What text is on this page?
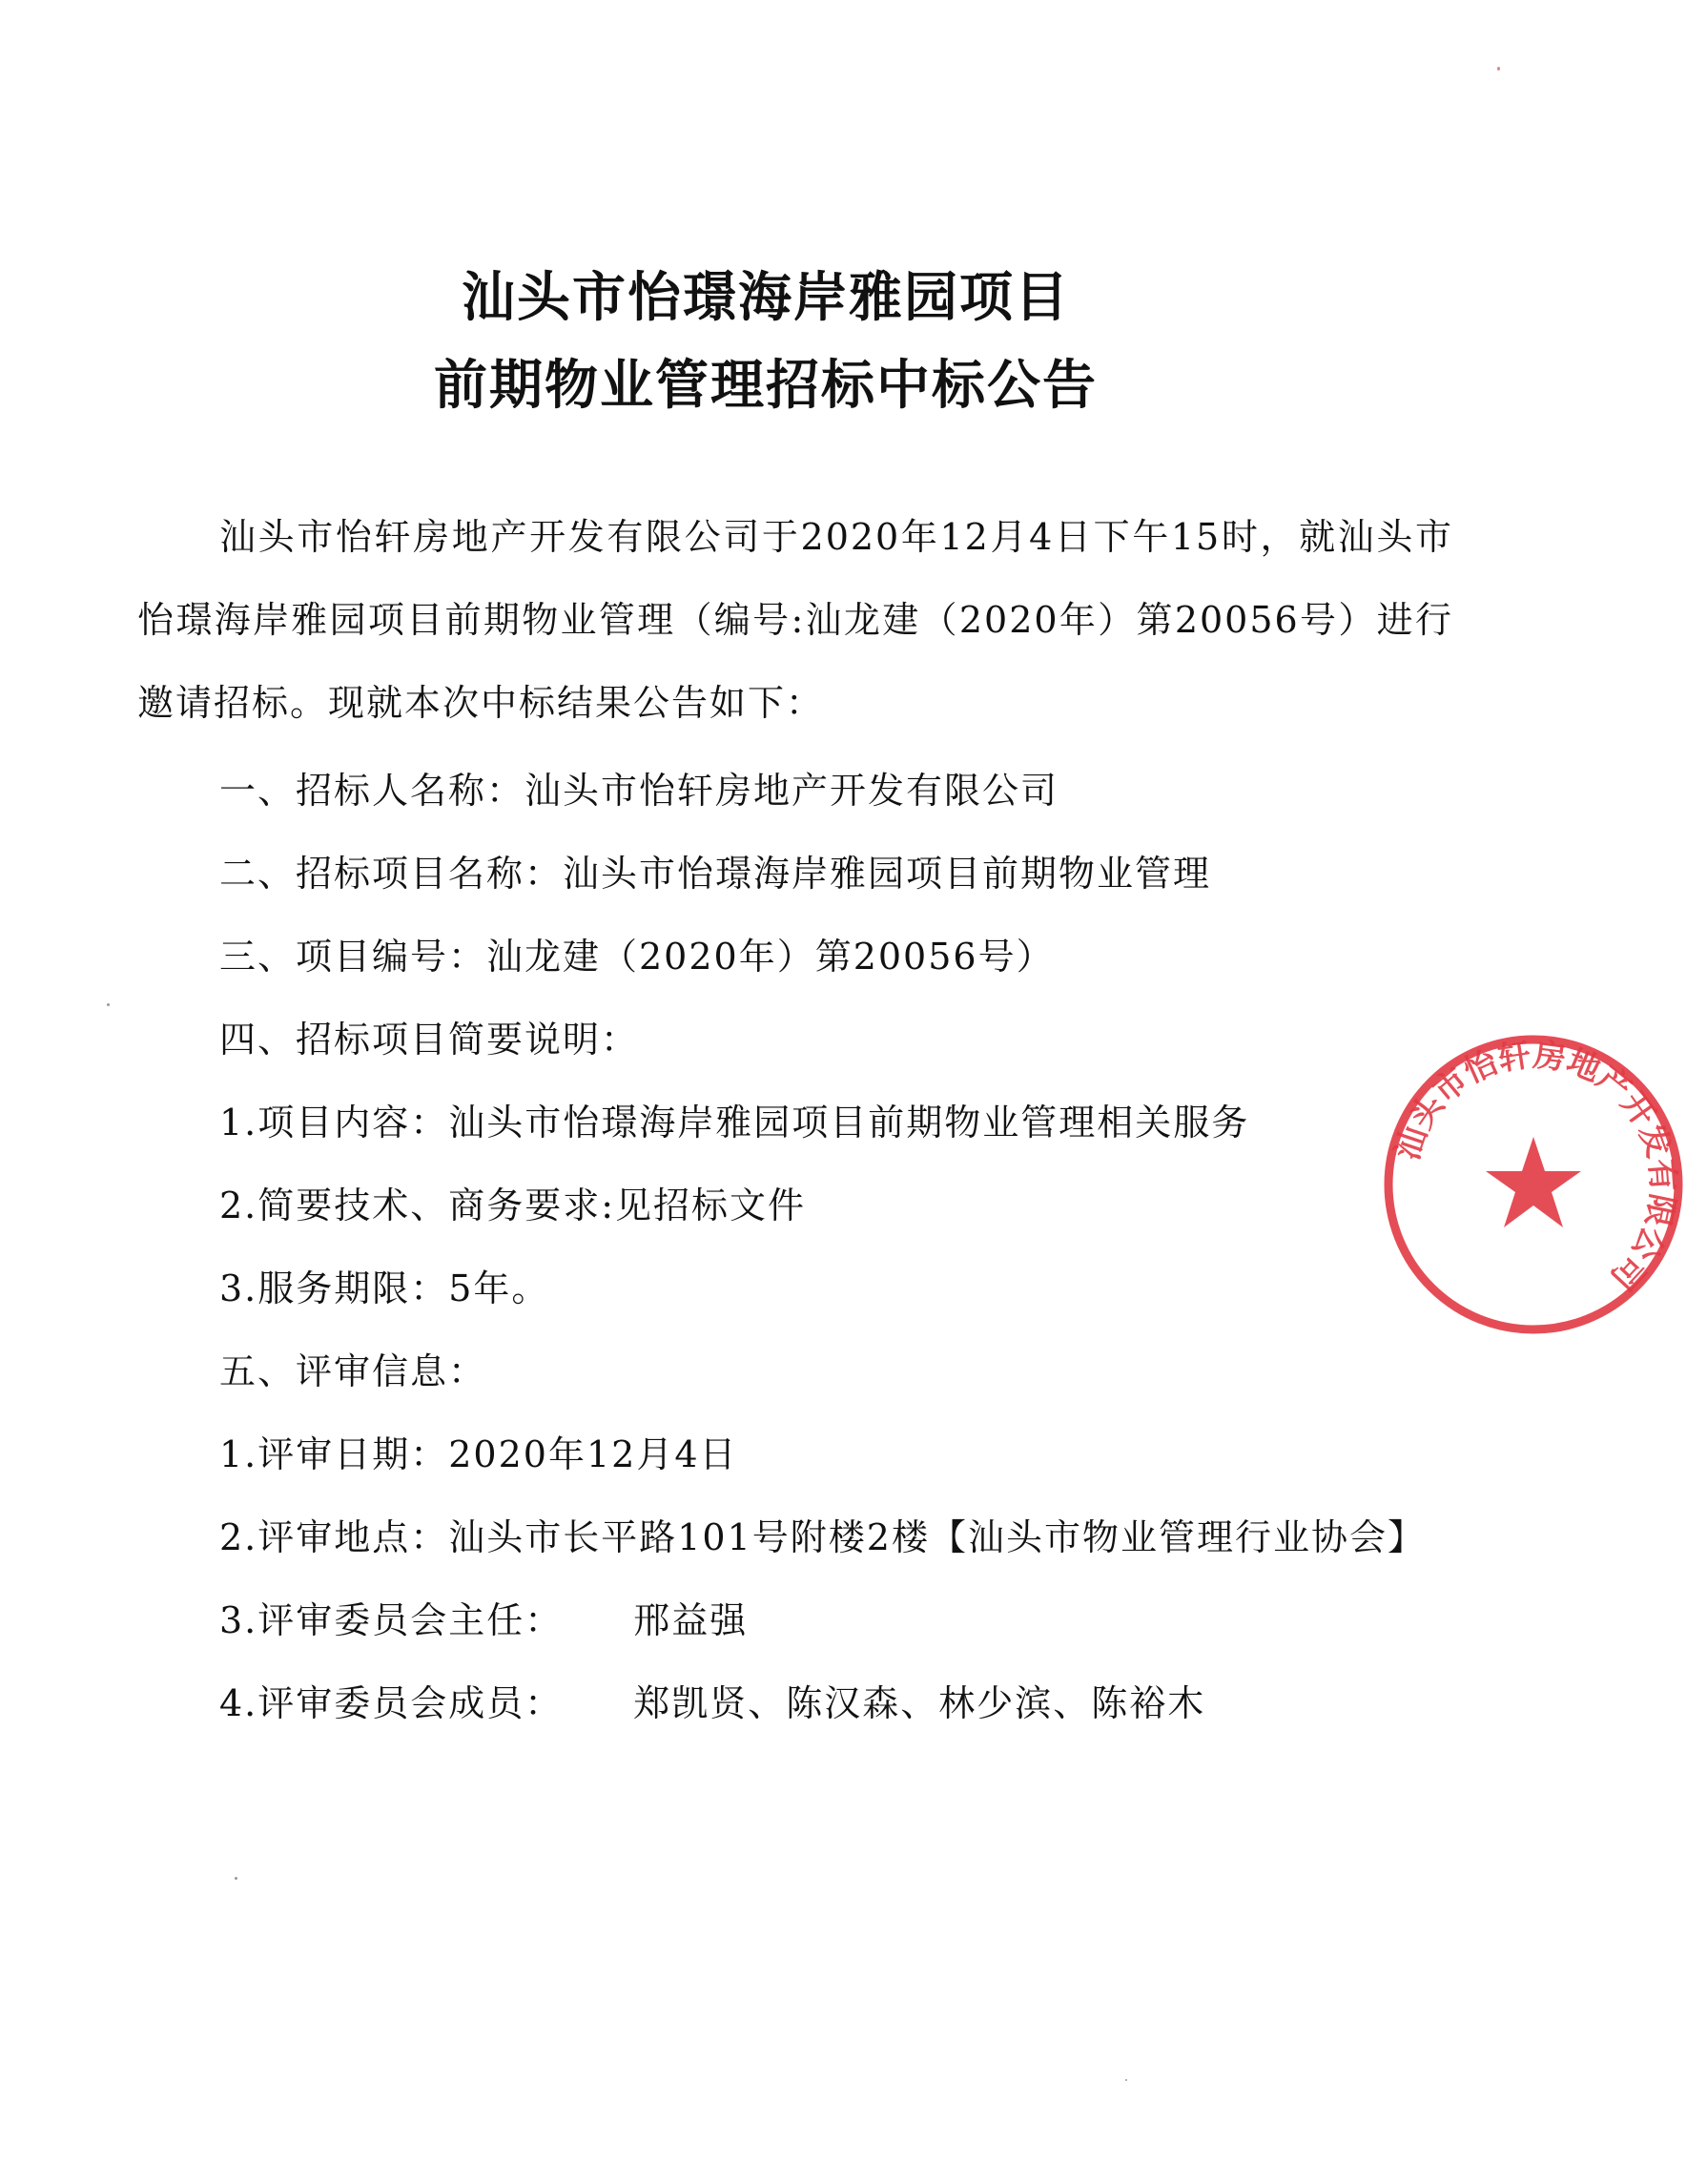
汕头市怡璟海岸雅园项目
前期物业管理招标中标公告
汕头市怡轩房地产开发有限公司于2020年12月4日下午15时，就汕头市怡璟海岸雅园项目前期物业管理（编号:汕龙建（2020年）第20056号）进行邀请招标。现就本次中标结果公告如下：
一、招标人名称：汕头市怡轩房地产开发有限公司
二、招标项目名称：汕头市怡璟海岸雅园项目前期物业管理
三、项目编号：汕龙建（2020年）第20056号）
四、招标项目简要说明：
1.项目内容：汕头市怡璟海岸雅园项目前期物业管理相关服务
2.简要技术、商务要求:见招标文件
3.服务期限：5年。
五、评审信息：
1.评审日期：2020年12月4日
2.评审地点：汕头市长平路101号附楼2楼【汕头市物业管理行业协会】
3.评审委员会主任： 邢益强
4.评审委员会成员： 郑凯贤、陈汉森、林少滨、陈裕木
汕头市怡轩房地产开发有限公司
